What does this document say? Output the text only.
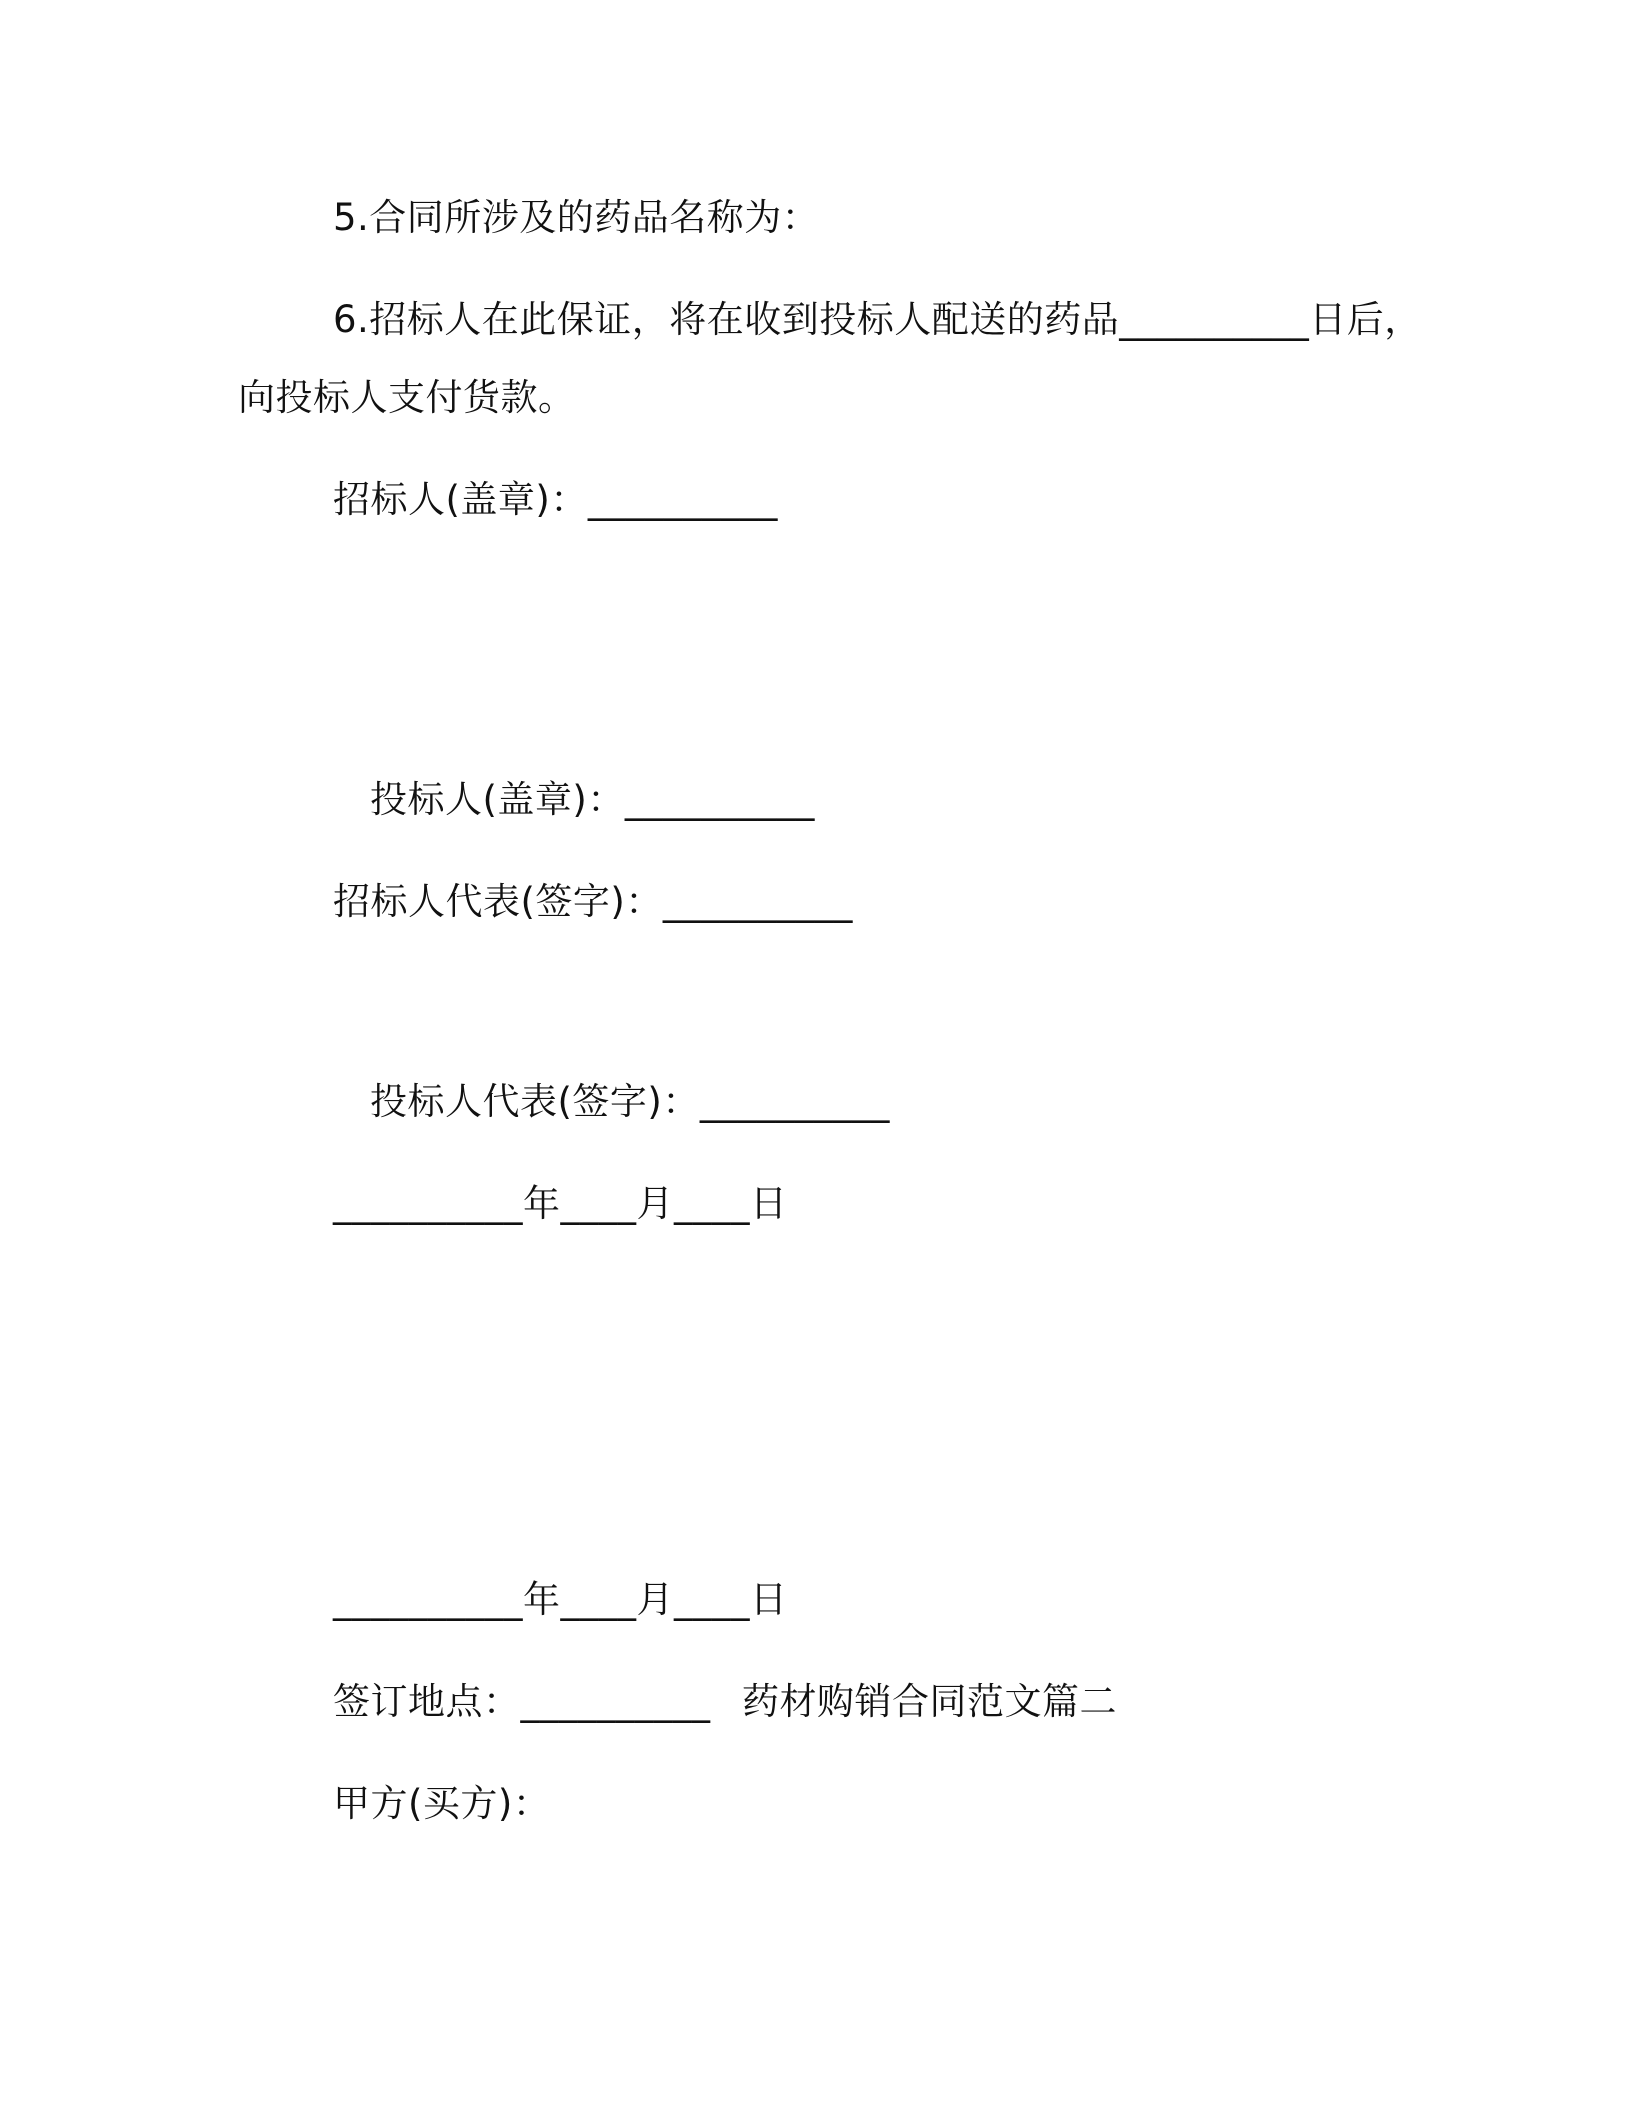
5.合同所涉及的药品名称为：
6.招标人在此保证，将在收到投标人配送的药品__________日后，
向投标人支付货款。
招标人(盖章)：__________
投标人(盖章)：__________
招标人代表(签字)：__________
投标人代表(签字)：__________
__________年____月____日
__________年____月____日
签订地点：__________ 药材购销合同范文篇二
甲方(买方)：
